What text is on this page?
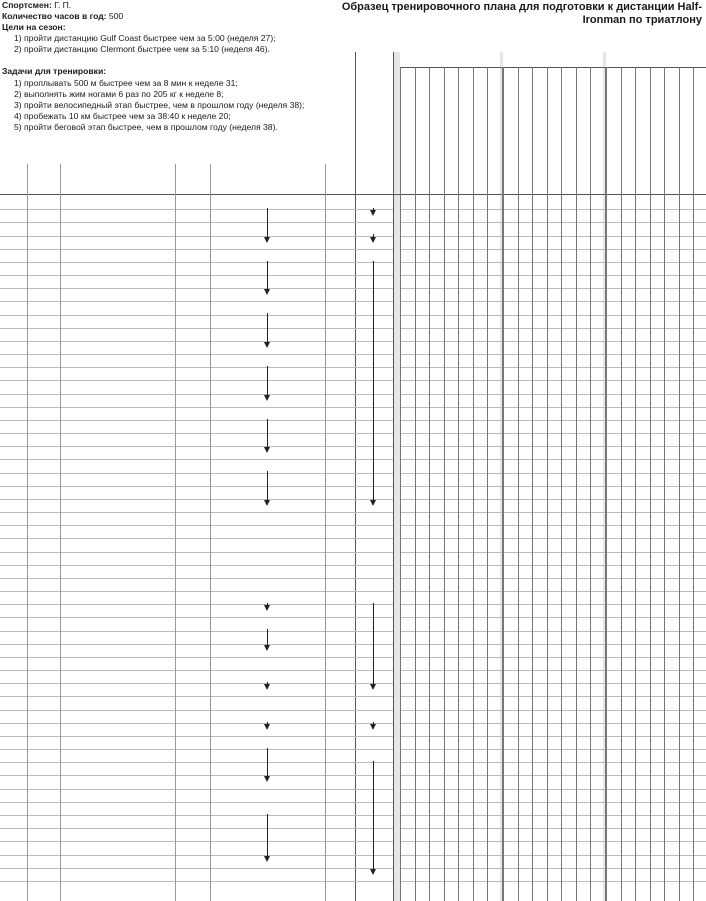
Спортсмен: Г. П.
Количество часов в год: 500
Цели на сезон:
1) пройти дистанцию Gulf Coast быстрее чем за 5:00 (неделя 27);
2) пройти дистанцию Clermont быстрее чем за 5:10 (неделя 46).
Задачи для тренировки:
1) проплывать 500 м быстрее чем за 8 мин к неделе 31;
2) выполнять жим ногами 6 раз по 205 кг к неделе 8;
3) пройти велосипедный этап быстрее, чем в прошлом году (неделя 38);
4) пробежать 10 км быстрее чем за 38:40 к неделе 20;
5) пройти беговой этап быстрее, чем в прошлом году (неделя 38).
Образец тренировочного плана для подготовки к дистанции Half-Ironman по триатлону
